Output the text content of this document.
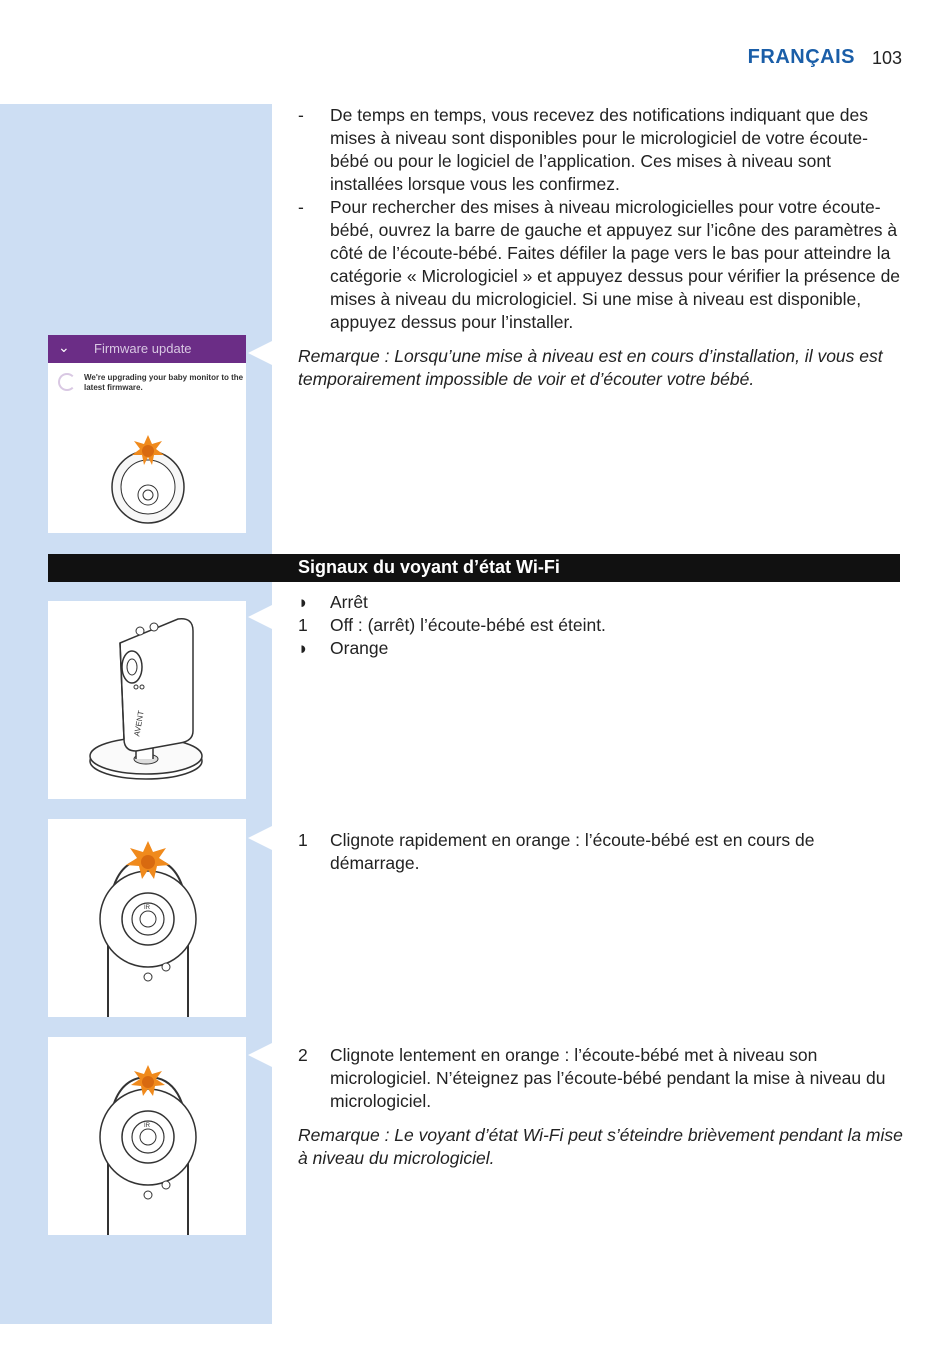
FRANÇAIS 103
- De temps en temps, vous recevez des notifications indiquant que des mises à niveau sont disponibles pour le micrologiciel de votre écoute-bébé ou pour le logiciel de l’application. Ces mises à niveau sont installées lorsque vous les confirmez.
- Pour rechercher des mises à niveau micrologicielles pour votre écoute-bébé, ouvrez la barre de gauche et appuyez sur l’icône des paramètres à côté de l’écoute-bébé. Faites défiler la page vers le bas pour atteindre la catégorie « Micrologiciel » et appuyez dessus pour vérifier la présence de mises à niveau du micrologiciel. Si une mise à niveau est disponible, appuyez dessus pour l’installer.
Remarque : Lorsqu’une mise à niveau est en cours d’installation, il vous est temporairement impossible de voir et d’écouter votre bébé.
⌄ Firmware update
We're upgrading your baby monitor to the latest firmware.
Signaux du voyant d’état Wi-Fi
◗ Arrêt
1 Off : (arrêt) l’écoute-bébé est éteint.
◗ Orange
AVENT
1 Clignote rapidement en orange : l’écoute-bébé est en cours de démarrage.
IR
2 Clignote lentement en orange : l’écoute-bébé met à niveau son micrologiciel. N’éteignez pas l’écoute-bébé pendant la mise à niveau du micrologiciel.
Remarque : Le voyant d’état Wi-Fi peut s’éteindre brièvement pendant la mise à niveau du micrologiciel.
IR
